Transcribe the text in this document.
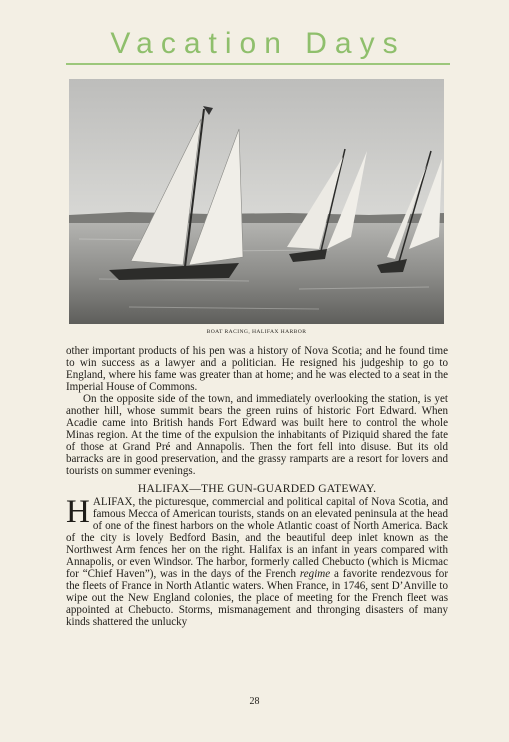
Vacation Days
BOAT RACING, HALIFAX HARBOR

other important products of his pen was a history of Nova Scotia; and he found time to win success as a lawyer and a politician. He resigned his judgeship to go to England, where his fame was greater than at home; and he was elected to a seat in the Imperial House of Commons.

On the opposite side of the town, and immediately overlooking the station, is yet another hill, whose summit bears the green ruins of historic Fort Edward. When Acadie came into British hands Fort Edward was built here to control the whole Minas region. At the time of the expulsion the inhabitants of Piziquid shared the fate of those at Grand Pré and Annapolis. Then the fort fell into disuse. But its old barracks are in good preservation, and the grassy ramparts are a resort for lovers and tourists on summer evenings.

HALIFAX—THE GUN-GUARDED GATEWAY.

HALIFAX, the picturesque, commercial and political capital of Nova Scotia, and famous Mecca of American tourists, stands on an elevated peninsula at the head of one of the finest harbors on the whole Atlantic coast of North America. Back of the city is lovely Bedford Basin, and the beautiful deep inlet known as the Northwest Arm fences her on the right. Halifax is an infant in years compared with Annapolis, or even Windsor. The harbor, formerly called Chebucto (which is Micmac for “Chief Haven”), was in the days of the French regime a favorite rendezvous for the fleets of France in North Atlantic waters. When France, in 1746, sent D’Anville to wipe out the New England colonies, the place of meeting for the French fleet was appointed at Chebucto. Storms, mismanagement and thronging disasters of many kinds shattered the unlucky

28
